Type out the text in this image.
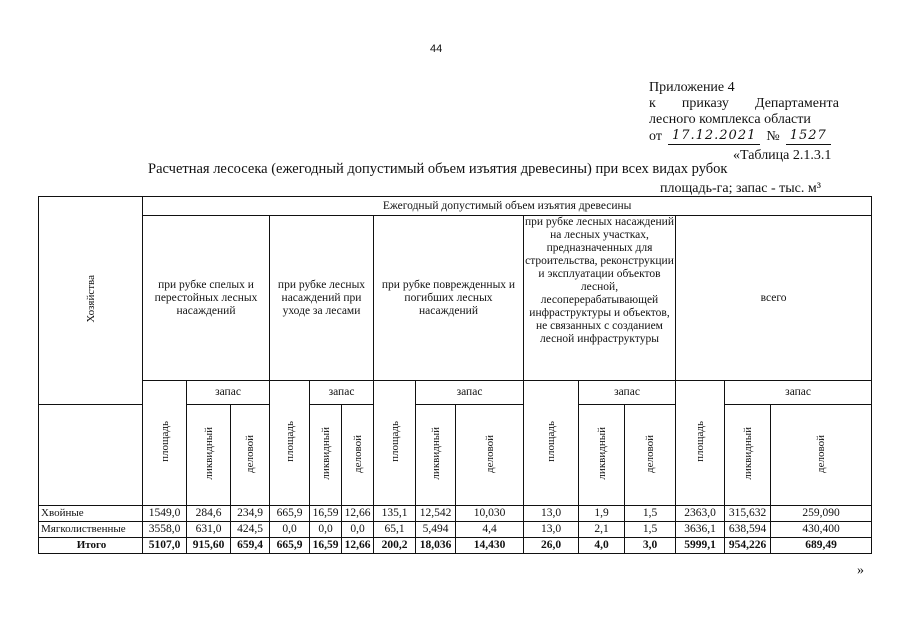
44
Приложение 4
к приказу Департамента
лесного комплекса области
от 17.12.2021 № 1527
«Таблица 2.1.3.1
Расчетная лесосека (ежегодный допустимый объем изъятия древесины) при всех видах рубок
площадь-га; запас - тыс. м³
Хозяйства	Ежегодный допустимый объем изъятия древесины														
	при рубке спелых и перестойных лесных насаждений			при рубке лесных насаждений при уходе за лесами			при рубке поврежденных и погибших лесных насаждений			при рубке лесных насаждений на лесных участках, предназначенных для строительства, реконструкции и эксплуатации объектов лесной, лесоперерабатывающей инфраструктуры и объектов, не связанных с созданием лесной инфраструктуры			всего		
	площадь	запас		площадь	запас		площадь	запас		площадь	запас		площадь	запас	
		ликвидный	деловой		ликвидный	деловой		ликвидный	деловой		ликвидный	деловой		ликвидный	деловой
Хвойные	1549,0	284,6	234,9	665,9	16,59	12,66	135,1	12,542	10,030	13,0	1,9	1,5	2363,0	315,632	259,090
Мягколиственные	3558,0	631,0	424,5	0,0	0,0	0,0	65,1	5,494	4,4	13,0	2,1	1,5	3636,1	638,594	430,400
Итого	5107,0	915,60	659,4	665,9	16,59	12,66	200,2	18,036	14,430	26,0	4,0	3,0	5999,1	954,226	689,49
»
